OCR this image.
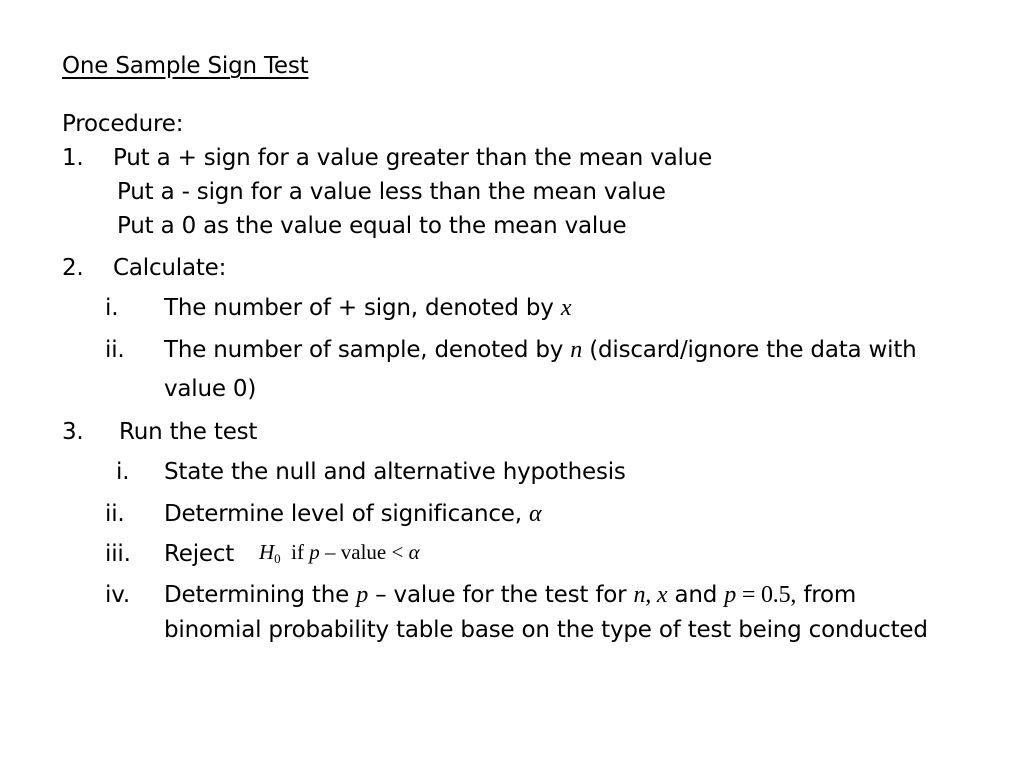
One Sample Sign Test
Procedure:
1. Put a + sign for a value greater than the mean value
Put a - sign for a value less than the mean value
Put a 0 as the value equal to the mean value
2. Calculate:
i. The number of + sign, denoted by x
ii. The number of sample, denoted by n (discard/ignore the data with
value 0)
3. Run the test
i. State the null and alternative hypothesis
ii. Determine level of significance, α
iii. Reject $H_0$ if p – value < α
iv. Determining the p – value for the test for n, x and p = 0.5, from
binomial probability table base on the type of test being conducted
